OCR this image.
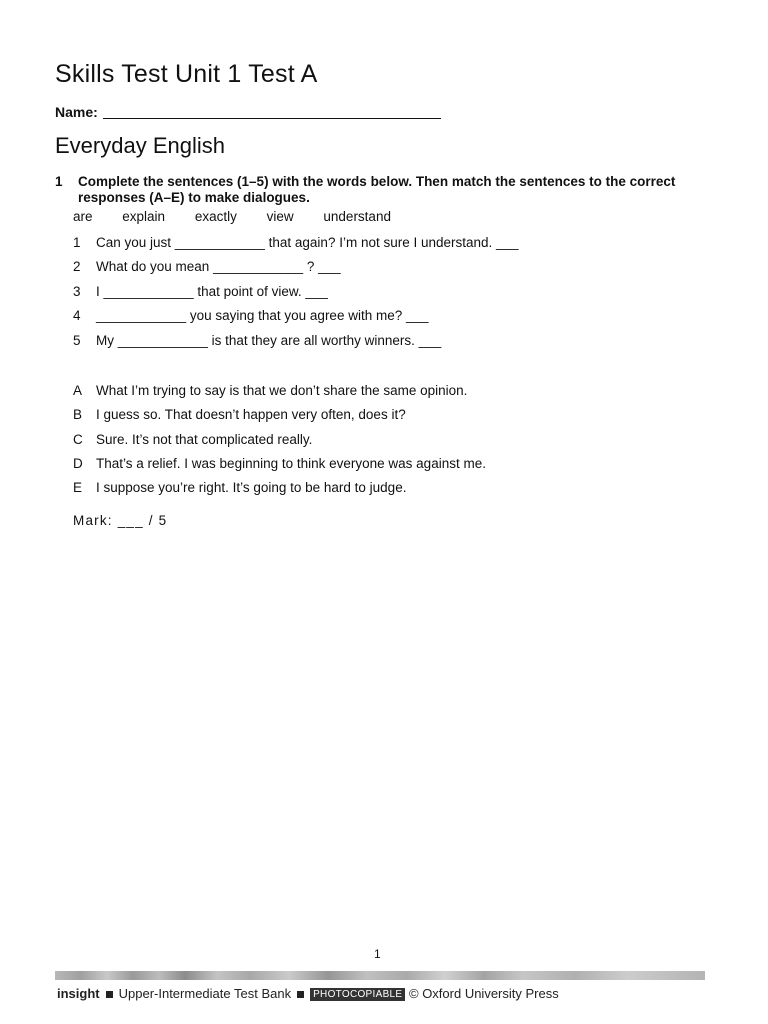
Skills Test Unit 1 Test A
Name:
Everyday English
1 Complete the sentences (1–5) with the words below. Then match the sentences to the correct responses (A–E) to make dialogues.
are explain exactly view understand
1 Can you just ____________ that again? I’m not sure I understand. ___
2 What do you mean ____________ ? ___
3 I ____________ that point of view. ___
4 ____________ you saying that you agree with me? ___
5 My ____________ is that they are all worthy winners. ___
A What I’m trying to say is that we don’t share the same opinion.
B I guess so. That doesn’t happen very often, does it?
C Sure. It’s not that complicated really.
D That’s a relief. I was beginning to think everyone was against me.
E I suppose you’re right. It’s going to be hard to judge.
Mark: ___ / 5
1
insight Upper-Intermediate Test Bank PHOTOCOPIABLE © Oxford University Press
